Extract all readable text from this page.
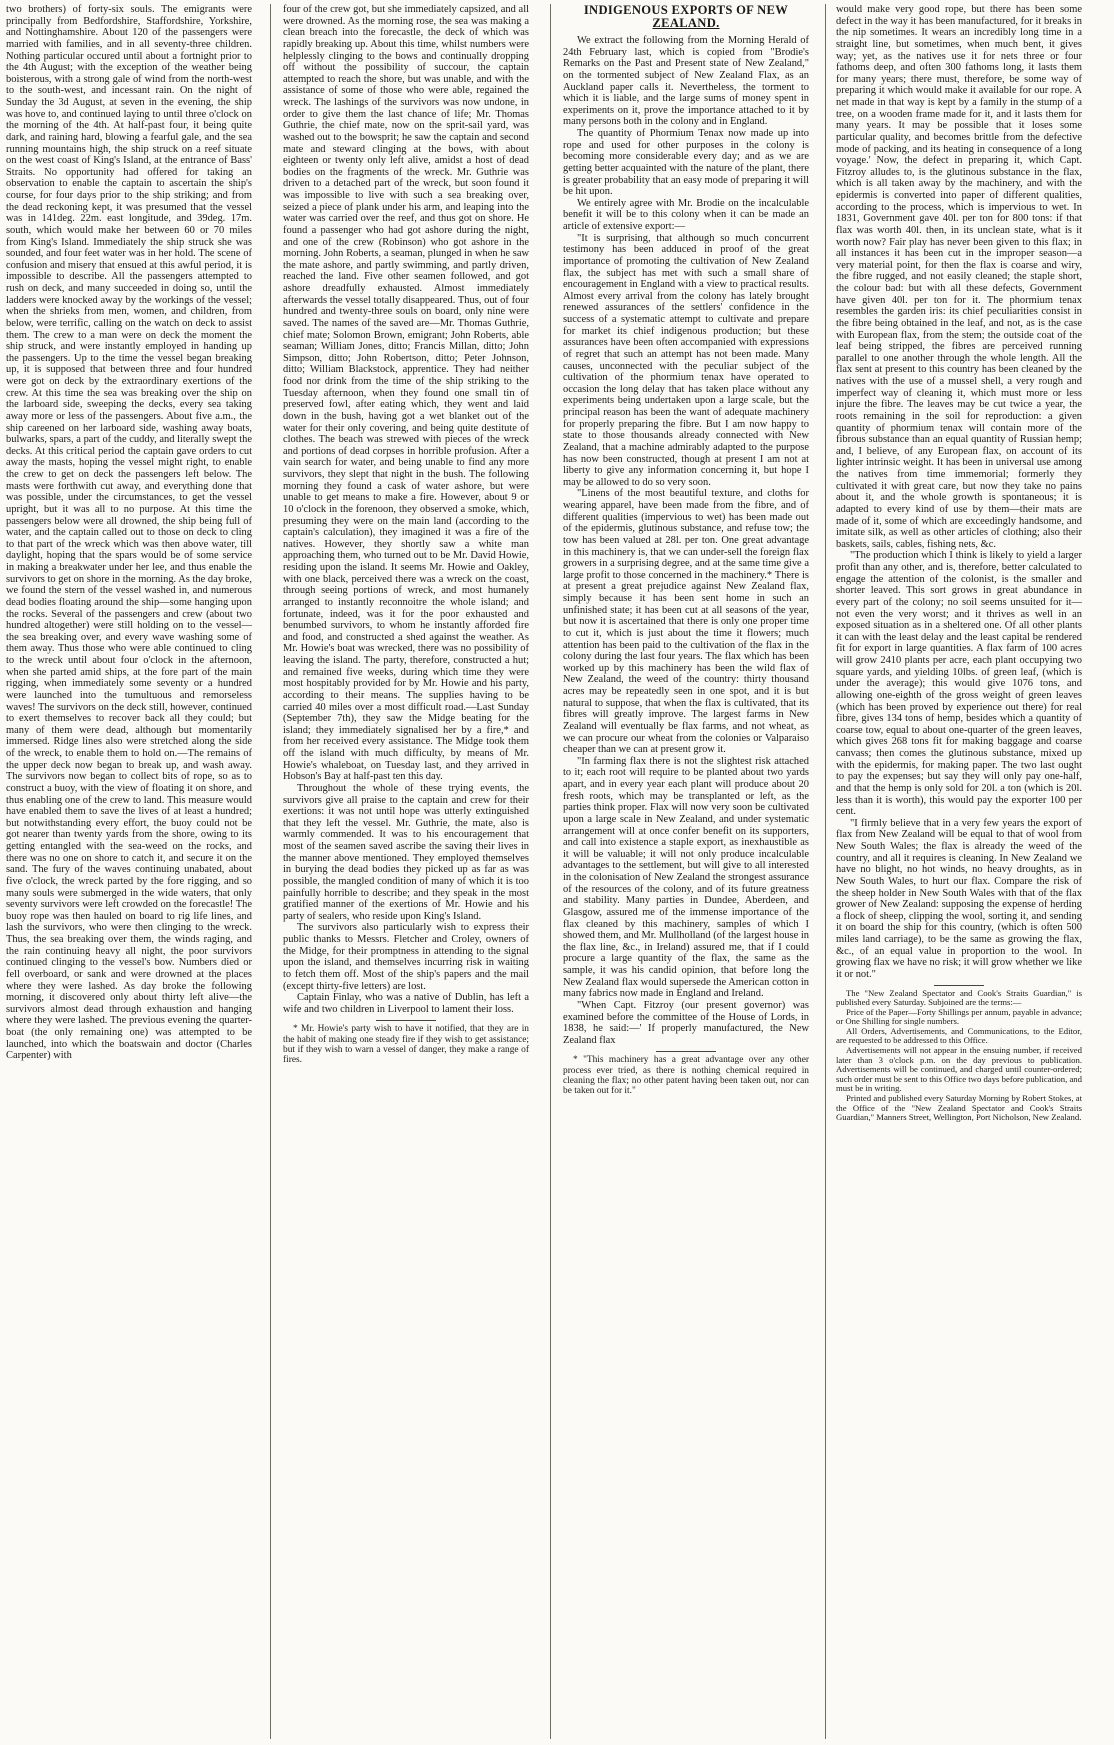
two brothers) of forty-six souls. The emigrants were principally from Bedfordshire, Staffordshire, Yorkshire, and Nottinghamshire. About 120 of the passengers were married with families, and in all seventy-three children. Nothing particular occured until about a fortnight prior to the 4th August; with the exception of the weather being boisterous, with a strong gale of wind from the north-west to the south-west, and incessant rain. On the night of Sunday the 3d August, at seven in the evening, the ship was hove to, and continued laying to until three o'clock on the morning of the 4th. At half-past four, it being quite dark, and raining hard, blowing a fearful gale, and the sea running mountains high, the ship struck on a reef situate on the west coast of King's Island, at the entrance of Bass' Straits. No opportunity had offered for taking an observation to enable the captain to ascertain the ship's course, for four days prior to the ship striking; and from the dead reckoning kept, it was presumed that the vessel was in 141deg. 22m. east longitude, and 39deg. 17m. south, which would make her between 60 or 70 miles from King's Island. Immediately the ship struck she was sounded, and four feet water was in her hold. The scene of confusion and misery that ensued at this awful period, it is impossible to describe. All the passengers attempted to rush on deck, and many succeeded in doing so, until the ladders were knocked away by the workings of the vessel; when the shrieks from men, women, and children, from below, were terrific, calling on the watch on deck to assist them. The crew to a man were on deck the moment the ship struck, and were instantly employed in handing up the passengers. Up to the time the vessel began breaking up, it is supposed that between three and four hundred were got on deck by the extraordinary exertions of the crew. At this time the sea was breaking over the ship on the larboard side, sweeping the decks, every sea taking away more or less of the passengers. About five a.m., the ship careened on her larboard side, washing away boats, bulwarks, spars, a part of the cuddy, and literally swept the decks. At this critical period the captain gave orders to cut away the masts, hoping the vessel might right, to enable the crew to get on deck the passengers left below. The masts were forthwith cut away, and everything done that was possible, under the circumstances, to get the vessel upright, but it was all to no purpose. At this time the passengers below were all drowned, the ship being full of water, and the captain called out to those on deck to cling to that part of the wreck which was then above water, till daylight, hoping that the spars would be of some service in making a breakwater under her lee, and thus enable the survivors to get on shore in the morning. As the day broke, we found the stern of the vessel washed in, and numerous dead bodies floating around the ship—some hanging upon the rocks. Several of the passengers and crew (about two hundred altogether) were still holding on to the vessel—the sea breaking over, and every wave washing some of them away. Thus those who were able continued to cling to the wreck until about four o'clock in the afternoon, when she parted amid ships, at the fore part of the main rigging, when immediately some seventy or a hundred were launched into the tumultuous and remorseless waves! The survivors on the deck still, however, continued to exert themselves to recover back all they could; but many of them were dead, although but momentarily immersed. Ridge lines also were stretched along the side of the wreck, to enable them to hold on.—The remains of the upper deck now began to break up, and wash away. The survivors now began to collect bits of rope, so as to construct a buoy, with the view of floating it on shore, and thus enabling one of the crew to land. This measure would have enabled them to save the lives of at least a hundred; but notwithstanding every effort, the buoy could not be got nearer than twenty yards from the shore, owing to its getting entangled with the sea-weed on the rocks, and there was no one on shore to catch it, and secure it on the sand. The fury of the waves continuing unabated, about five o'clock, the wreck parted by the fore rigging, and so many souls were submerged in the wide waters, that only seventy survivors were left crowded on the forecastle! The buoy rope was then hauled on board to rig life lines, and lash the survivors, who were then clinging to the wreck. Thus, the sea breaking over them, the winds raging, and the rain continuing heavy all night, the poor survivors continued clinging to the vessel's bow. Numbers died or fell overboard, or sank and were drowned at the places where they were lashed. As day broke the following morning, it discovered only about thirty left alive—the survivors almost dead through exhaustion and hanging where they were lashed. The previous evening the quarter-boat (the only remaining one) was attempted to be launched, into which the boatswain and doctor (Charles Carpenter) with

four of the crew got, but she immediately capsized, and all were drowned. As the morning rose, the sea was making a clean breach into the forecastle, the deck of which was rapidly breaking up. About this time, whilst numbers were helplessly clinging to the bows and continually dropping off without the possibility of succour, the captain attempted to reach the shore, but was unable, and with the assistance of some of those who were able, regained the wreck. The lashings of the survivors was now undone, in order to give them the last chance of life; Mr. Thomas Guthrie, the chief mate, now on the sprit-sail yard, was washed out to the bowsprit; he saw the captain and second mate and steward clinging at the bows, with about eighteen or twenty only left alive, amidst a host of dead bodies on the fragments of the wreck. Mr. Guthrie was driven to a detached part of the wreck, but soon found it was impossible to live with such a sea breaking over, seized a piece of plank under his arm, and leaping into the water was carried over the reef, and thus got on shore. He found a passenger who had got ashore during the night, and one of the crew (Robinson) who got ashore in the morning. John Roberts, a seaman, plunged in when he saw the mate ashore, and partly swimming, and partly driven, reached the land. Five other seamen followed, and got ashore dreadfully exhausted. Almost immediately afterwards the vessel totally disappeared. Thus, out of four hundred and twenty-three souls on board, only nine were saved. The names of the saved are—Mr. Thomas Guthrie, chief mate; Solomon Brown, emigrant; John Roberts, able seaman; William Jones, ditto; Francis Millan, ditto; John Simpson, ditto; John Robertson, ditto; Peter Johnson, ditto; William Blackstock, apprentice. They had neither food nor drink from the time of the ship striking to the Tuesday afternoon, when they found one small tin of preserved fowl, after eating which, they went and laid down in the bush, having got a wet blanket out of the water for their only covering, and being quite destitute of clothes. The beach was strewed with pieces of the wreck and portions of dead corpses in horrible profusion. After a vain search for water, and being unable to find any more survivors, they slept that night in the bush. The following morning they found a cask of water ashore, but were unable to get means to make a fire. However, about 9 or 10 o'clock in the forenoon, they observed a smoke, which, presuming they were on the main land (according to the captain's calculation), they imagined it was a fire of the natives. However, they shortly saw a white man approaching them, who turned out to be Mr. David Howie, residing upon the island. It seems Mr. Howie and Oakley, with one black, perceived there was a wreck on the coast, through seeing portions of wreck, and most humanely arranged to instantly reconnoitre the whole island; and fortunate, indeed, was it for the poor exhausted and benumbed survivors, to whom he instantly afforded fire and food, and constructed a shed against the weather. As Mr. Howie's boat was wrecked, there was no possibility of leaving the island. The party, therefore, constructed a hut; and remained five weeks, during which time they were most hospitably provided for by Mr. Howie and his party, according to their means. The supplies having to be carried 40 miles over a most difficult road.—Last Sunday (September 7th), they saw the Midge beating for the island; they immediately signalised her by a fire,* and from her received every assistance. The Midge took them off the island with much difficulty, by means of Mr. Howie's whaleboat, on Tuesday last, and they arrived in Hobson's Bay at half-past ten this day.

Throughout the whole of these trying events, the survivors give all praise to the captain and crew for their exertions: it was not until hope was utterly extinguished that they left the vessel. Mr. Guthrie, the mate, also is warmly commended. It was to his encouragement that most of the seamen saved ascribe the saving their lives in the manner above mentioned. They employed themselves in burying the dead bodies they picked up as far as was possible, the mangled condition of many of which it is too painfully horrible to describe; and they speak in the most gratified manner of the exertions of Mr. Howie and his party of sealers, who reside upon King's Island.

The survivors also particularly wish to express their public thanks to Messrs. Fletcher and Croley, owners of the Midge, for their promptness in attending to the signal upon the island, and themselves incurring risk in waiting to fetch them off. Most of the ship's papers and the mail (except thirty-five letters) are lost.

Captain Finlay, who was a native of Dublin, has left a wife and two children in Liverpool to lament their loss.

* Mr. Howie's party wish to have it notified, that they are in the habit of making one steady fire if they wish to get assistance; but if they wish to warn a vessel of danger, they make a range of fires.

INDIGENOUS EXPORTS OF NEW
ZEALAND.

We extract the following from the Morning Herald of 24th February last, which is copied from "Brodie's Remarks on the Past and Present state of New Zealand," on the tormented subject of New Zealand Flax, as an Auckland paper calls it. Nevertheless, the torment to which it is liable, and the large sums of money spent in experiments on it, prove the importance attached to it by many persons both in the colony and in England.

The quantity of Phormium Tenax now made up into rope and used for other purposes in the colony is becoming more considerable every day; and as we are getting better acquainted with the nature of the plant, there is greater probability that an easy mode of preparing it will be hit upon.

We entirely agree with Mr. Brodie on the incalculable benefit it will be to this colony when it can be made an article of extensive export:—

"It is surprising, that although so much concurrent testimony has been adduced in proof of the great importance of promoting the cultivation of New Zealand flax, the subject has met with such a small share of encouragement in England with a view to practical results. Almost every arrival from the colony has lately brought renewed assurances of the settlers' confidence in the success of a systematic attempt to cultivate and prepare for market its chief indigenous production; but these assurances have been often accompanied with expressions of regret that such an attempt has not been made. Many causes, unconnected with the peculiar subject of the cultivation of the phormium tenax have operated to occasion the long delay that has taken place without any experiments being undertaken upon a large scale, but the principal reason has been the want of adequate machinery for properly preparing the fibre. But I am now happy to state to those thousands already connected with New Zealand, that a machine admirably adapted to the purpose has now been constructed, though at present I am not at liberty to give any information concerning it, but hope I may be allowed to do so very soon.

"Linens of the most beautiful texture, and cloths for wearing apparel, have been made from the fibre, and of different qualities (impervious to wet) has been made out of the epidermis, glutinous substance, and refuse tow; the tow has been valued at 28l. per ton. One great advantage in this machinery is, that we can under-sell the foreign flax growers in a surprising degree, and at the same time give a large profit to those concerned in the machinery.* There is at present a great prejudice against New Zealand flax, simply because it has been sent home in such an unfinished state; it has been cut at all seasons of the year, but now it is ascertained that there is only one proper time to cut it, which is just about the time it flowers; much attention has been paid to the cultivation of the flax in the colony during the last four years. The flax which has been worked up by this machinery has been the wild flax of New Zealand, the weed of the country: thirty thousand acres may be repeatedly seen in one spot, and it is but natural to suppose, that when the flax is cultivated, that its fibres will greatly improve. The largest farms in New Zealand will eventually be flax farms, and not wheat, as we can procure our wheat from the colonies or Valparaiso cheaper than we can at present grow it.

"In farming flax there is not the slightest risk attached to it; each root will require to be planted about two yards apart, and in every year each plant will produce about 20 fresh roots, which may be transplanted or left, as the parties think proper. Flax will now very soon be cultivated upon a large scale in New Zealand, and under systematic arrangement will at once confer benefit on its supporters, and call into existence a staple export, as inexhaustible as it will be valuable; it will not only produce incalculable advantages to the settlement, but will give to all interested in the colonisation of New Zealand the strongest assurance of the resources of the colony, and of its future greatness and stability. Many parties in Dundee, Aberdeen, and Glasgow, assured me of the immense importance of the flax cleaned by this machinery, samples of which I showed them, and Mr. Mullholland (of the largest house in the flax line, &c., in Ireland) assured me, that if I could procure a large quantity of the flax, the same as the sample, it was his candid opinion, that before long the New Zealand flax would supersede the American cotton in many fabrics now made in England and Ireland.

"When Capt. Fitzroy (our present governor) was examined before the committee of the House of Lords, in 1838, he said:—' If properly manufactured, the New Zealand flax

* "This machinery has a great advantage over any other process ever tried, as there is nothing chemical required in cleaning the flax; no other patent having been taken out, nor can be taken out for it."

would make very good rope, but there has been some defect in the way it has been manufactured, for it breaks in the nip sometimes. It wears an incredibly long time in a straight line, but sometimes, when much bent, it gives way; yet, as the natives use it for nets three or four fathoms deep, and often 300 fathoms long, it lasts them for many years; there must, therefore, be some way of preparing it which would make it available for our rope. A net made in that way is kept by a family in the stump of a tree, on a wooden frame made for it, and it lasts them for many years. It may be possible that it loses some particular quality, and becomes brittle from the defective mode of packing, and its heating in consequence of a long voyage.' Now, the defect in preparing it, which Capt. Fitzroy alludes to, is the glutinous substance in the flax, which is all taken away by the machinery, and with the epidermis is converted into paper of different qualities, according to the process, which is impervious to wet. In 1831, Government gave 40l. per ton for 800 tons: if that flax was worth 40l. then, in its unclean state, what is it worth now? Fair play has never been given to this flax; in all instances it has been cut in the improper season—a very material point, for then the flax is coarse and wiry, the fibre rugged, and not easily cleaned; the staple short, the colour bad: but with all these defects, Government have given 40l. per ton for it. The phormium tenax resembles the garden iris: its chief peculiarities consist in the fibre being obtained in the leaf, and not, as is the case with European flax, from the stem; the outside coat of the leaf being stripped, the fibres are perceived running parallel to one another through the whole length. All the flax sent at present to this country has been cleaned by the natives with the use of a mussel shell, a very rough and imperfect way of cleaning it, which must more or less injure the fibre. The leaves may be cut twice a year, the roots remaining in the soil for reproduction: a given quantity of phormium tenax will contain more of the fibrous substance than an equal quantity of Russian hemp; and, I believe, of any European flax, on account of its lighter intrinsic weight. It has been in universal use among the natives from time immemorial; formerly they cultivated it with great care, but now they take no pains about it, and the whole growth is spontaneous; it is adapted to every kind of use by them—their mats are made of it, some of which are exceedingly handsome, and imitate silk, as well as other articles of clothing; also their baskets, sails, cables, fishing nets, &c.

"The production which I think is likely to yield a larger profit than any other, and is, therefore, better calculated to engage the attention of the colonist, is the smaller and shorter leaved. This sort grows in great abundance in every part of the colony; no soil seems unsuited for it—not even the very worst; and it thrives as well in an exposed situation as in a sheltered one. Of all other plants it can with the least delay and the least capital be rendered fit for export in large quantities. A flax farm of 100 acres will grow 2410 plants per acre, each plant occupying two square yards, and yielding 10lbs. of green leaf, (which is under the average); this would give 1076 tons, and allowing one-eighth of the gross weight of green leaves (which has been proved by experience out there) for real fibre, gives 134 tons of hemp, besides which a quantity of coarse tow, equal to about one-quarter of the green leaves, which gives 268 tons fit for making baggage and coarse canvass; then comes the glutinous substance, mixed up with the epidermis, for making paper. The two last ought to pay the expenses; but say they will only pay one-half, and that the hemp is only sold for 20l. a ton (which is 20l. less than it is worth), this would pay the exporter 100 per cent.

"I firmly believe that in a very few years the export of flax from New Zealand will be equal to that of wool from New South Wales; the flax is already the weed of the country, and all it requires is cleaning. In New Zealand we have no blight, no hot winds, no heavy droughts, as in New South Wales, to hurt our flax. Compare the risk of the sheep holder in New South Wales with that of the flax grower of New Zealand: supposing the expense of herding a flock of sheep, clipping the wool, sorting it, and sending it on board the ship for this country, (which is often 500 miles land carriage), to be the same as growing the flax, &c., of an equal value in proportion to the wool. In growing flax we have no risk; it will grow whether we like it or not."

The "New Zealand Spectator and Cook's Straits Guardian," is published every Saturday. Subjoined are the terms:—

Price of the Paper—Forty Shillings per annum, payable in advance; or One Shilling for single numbers.

All Orders, Advertisements, and Communications, to the Editor, are requested to be addressed to this Office.

Advertisements will not appear in the ensuing number, if received later than 3 o'clock p.m. on the day previous to publication. Advertisements will be continued, and charged until counter-ordered; such order must be sent to this Office two days before publication, and must be in writing.

Printed and published every Saturday Morning by Robert Stokes, at the Office of the "New Zealand Spectator and Cook's Straits Guardian," Manners Street, Wellington, Port Nicholson, New Zealand.
